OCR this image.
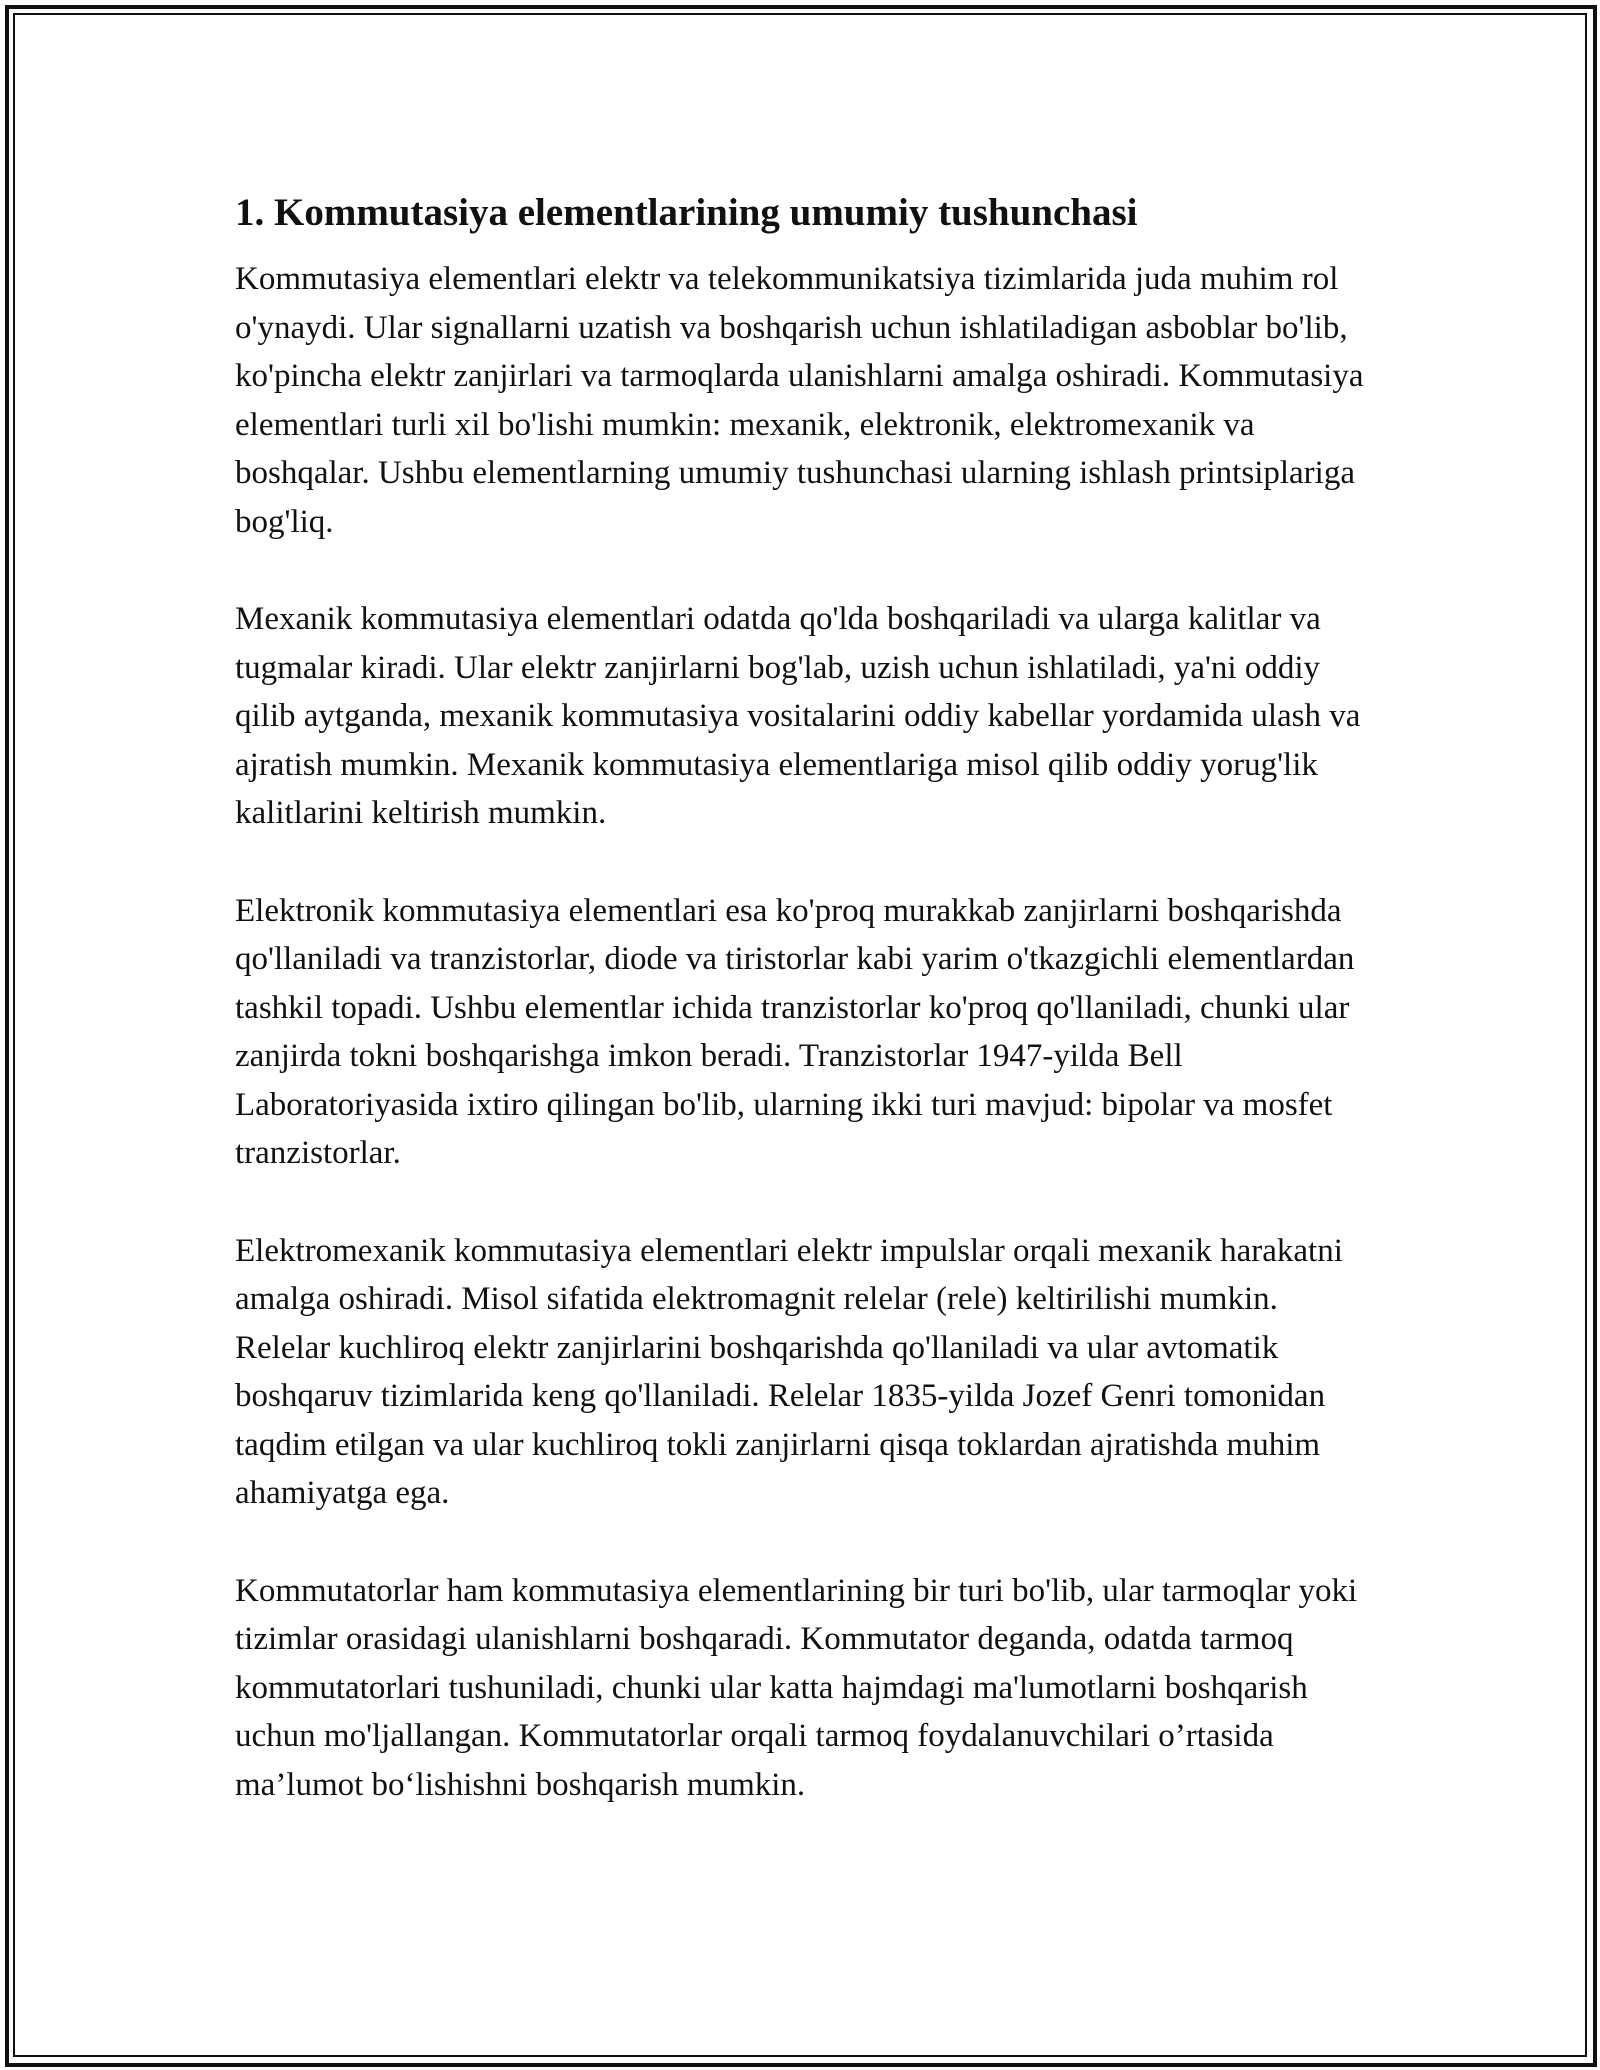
1. Kommutasiya elementlarining umumiy tushunchasi

Kommutasiya elementlari elektr va telekommunikatsiya tizimlarida juda muhim rol o'ynaydi. Ular signallarni uzatish va boshqarish uchun ishlatiladigan asboblar bo'lib, ko'pincha elektr zanjirlari va tarmoqlarda ulanishlarni amalga oshiradi. Kommutasiya elementlari turli xil bo'lishi mumkin: mexanik, elektronik, elektromexanik va boshqalar. Ushbu elementlarning umumiy tushunchasi ularning ishlash printsiplariga bog'liq.

Mexanik kommutasiya elementlari odatda qo'lda boshqariladi va ularga kalitlar va tugmalar kiradi. Ular elektr zanjirlarni bog'lab, uzish uchun ishlatiladi, ya'ni oddiy qilib aytganda, mexanik kommutasiya vositalarini oddiy kabellar yordamida ulash va ajratish mumkin. Mexanik kommutasiya elementlariga misol qilib oddiy yorug'lik kalitlarini keltirish mumkin.

Elektronik kommutasiya elementlari esa ko'proq murakkab zanjirlarni boshqarishda qo'llaniladi va tranzistorlar, diode va tiristorlar kabi yarim o'tkazgichli elementlardan tashkil topadi. Ushbu elementlar ichida tranzistorlar ko'proq qo'llaniladi, chunki ular zanjirda tokni boshqarishga imkon beradi. Tranzistorlar 1947-yilda Bell Laboratoriyasida ixtiro qilingan bo'lib, ularning ikki turi mavjud: bipolar va mosfet tranzistorlar.

Elektromexanik kommutasiya elementlari elektr impulslar orqali mexanik harakatni amalga oshiradi. Misol sifatida elektromagnit relelar (rele) keltirilishi mumkin. Relelar kuchliroq elektr zanjirlarini boshqarishda qo'llaniladi va ular avtomatik boshqaruv tizimlarida keng qo'llaniladi. Relelar 1835-yilda Jozef Genri tomonidan taqdim etilgan va ular kuchliroq tokli zanjirlarni qisqa toklardan ajratishda muhim ahamiyatga ega.

Kommutatorlar ham kommutasiya elementlarining bir turi bo'lib, ular tarmoqlar yoki tizimlar orasidagi ulanishlarni boshqaradi. Kommutator deganda, odatda tarmoq kommutatorlari tushuniladi, chunki ular katta hajmdagi ma'lumotlarni boshqarish uchun mo'ljallangan. Kommutatorlar orqali tarmoq foydalanuvchilari o’rtasida ma’lumot bo‘lishishni boshqarish mumkin.
